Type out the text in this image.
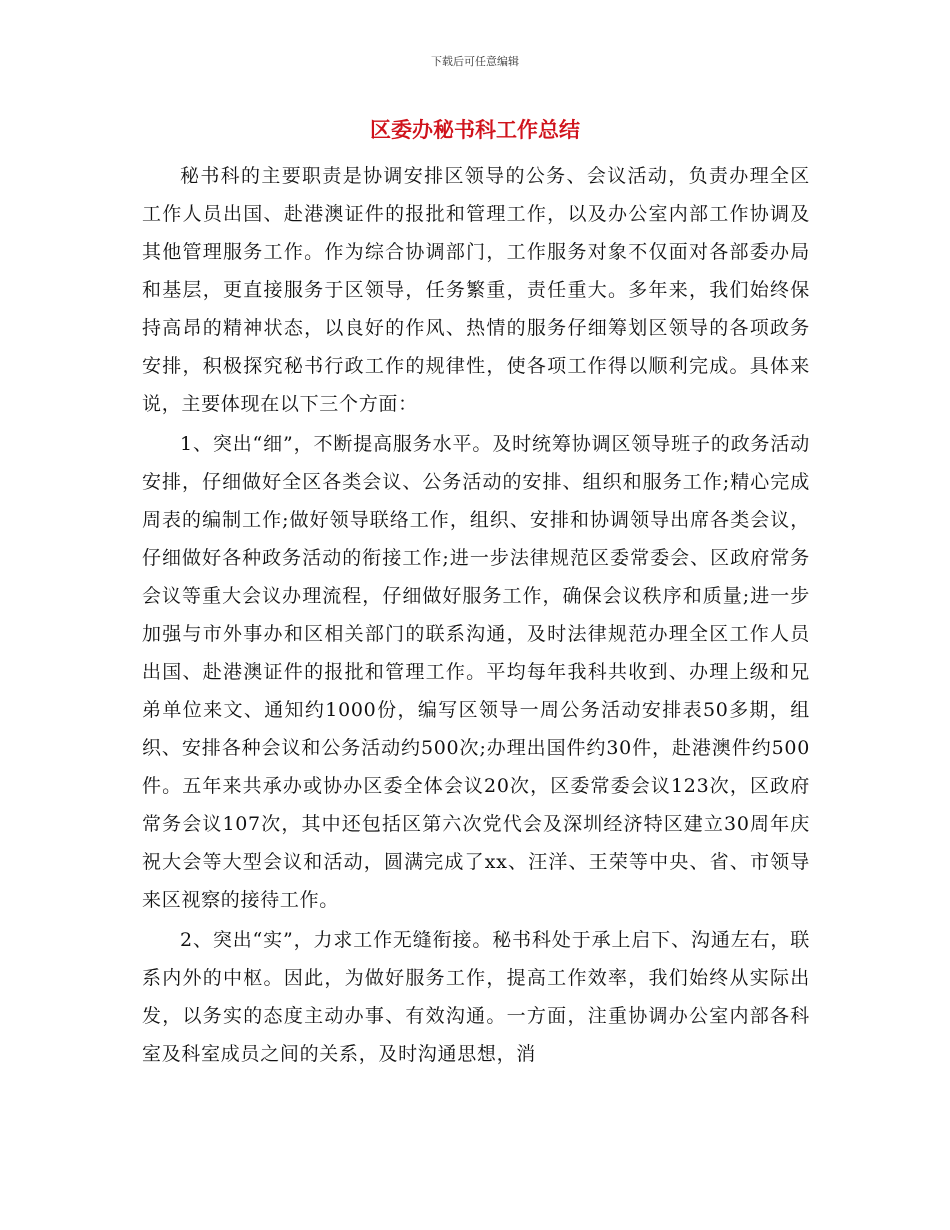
下载后可任意编辑
区委办秘书科工作总结

秘书科的主要职责是协调安排区领导的公务、会议活动，负责办理全区工作人员出国、赴港澳证件的报批和管理工作，以及办公室内部工作协调及其他管理服务工作。作为综合协调部门，工作服务对象不仅面对各部委办局和基层，更直接服务于区领导，任务繁重，责任重大。多年来，我们始终保持高昂的精神状态，以良好的作风、热情的服务仔细筹划区领导的各项政务安排，积极探究秘书行政工作的规律性，使各项工作得以顺利完成。具体来说，主要体现在以下三个方面：

1、突出“细”，不断提高服务水平。及时统筹协调区领导班子的政务活动安排，仔细做好全区各类会议、公务活动的安排、组织和服务工作;精心完成周表的编制工作;做好领导联络工作，组织、安排和协调领导出席各类会议，仔细做好各种政务活动的衔接工作;进一步法律规范区委常委会、区政府常务会议等重大会议办理流程，仔细做好服务工作，确保会议秩序和质量;进一步加强与市外事办和区相关部门的联系沟通，及时法律规范办理全区工作人员出国、赴港澳证件的报批和管理工作。平均每年我科共收到、办理上级和兄弟单位来文、通知约1000份，编写区领导一周公务活动安排表50多期，组织、安排各种会议和公务活动约500次;办理出国件约30件，赴港澳件约500件。五年来共承办或协办区委全体会议20次，区委常委会议123次，区政府常务会议107次，其中还包括区第六次党代会及深圳经济特区建立30周年庆祝大会等大型会议和活动，圆满完成了xx、汪洋、王荣等中央、省、市领导来区视察的接待工作。

2、突出“实”，力求工作无缝衔接。秘书科处于承上启下、沟通左右，联系内外的中枢。因此，为做好服务工作，提高工作效率，我们始终从实际出发，以务实的态度主动办事、有效沟通。一方面，注重协调办公室内部各科室及科室成员之间的关系，及时沟通思想，消
